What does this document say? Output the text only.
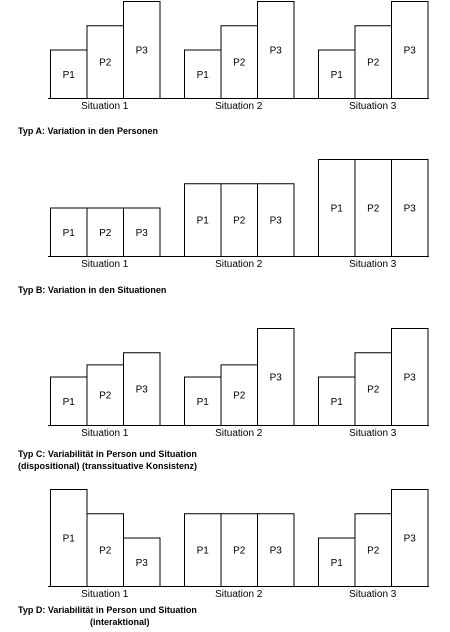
P1
P2
P3
Situation 1
P1
P2
P3
Situation 2
P1
P2
P3
Situation 3
P1 P2 P3
Situation 1
P1 P2 P3
Situation 2
P1 P2 P3
Situation 3
P1
P2
P3
Situation 1
P1
P2
P3
Situation 2
P1
P2
P3
Situation 3
P1
P2
P3
Situation 1
P1 P2 P3
Situation 2
P1
P2
P3
Situation 3
Typ A: Variation in den Personen
Typ B: Variation in den Situationen
Typ C: Variabilität in Person und Situation
(dispositional) (transsituative Konsistenz)
Typ D: Variabilität in Person und Situation
(interaktional)
